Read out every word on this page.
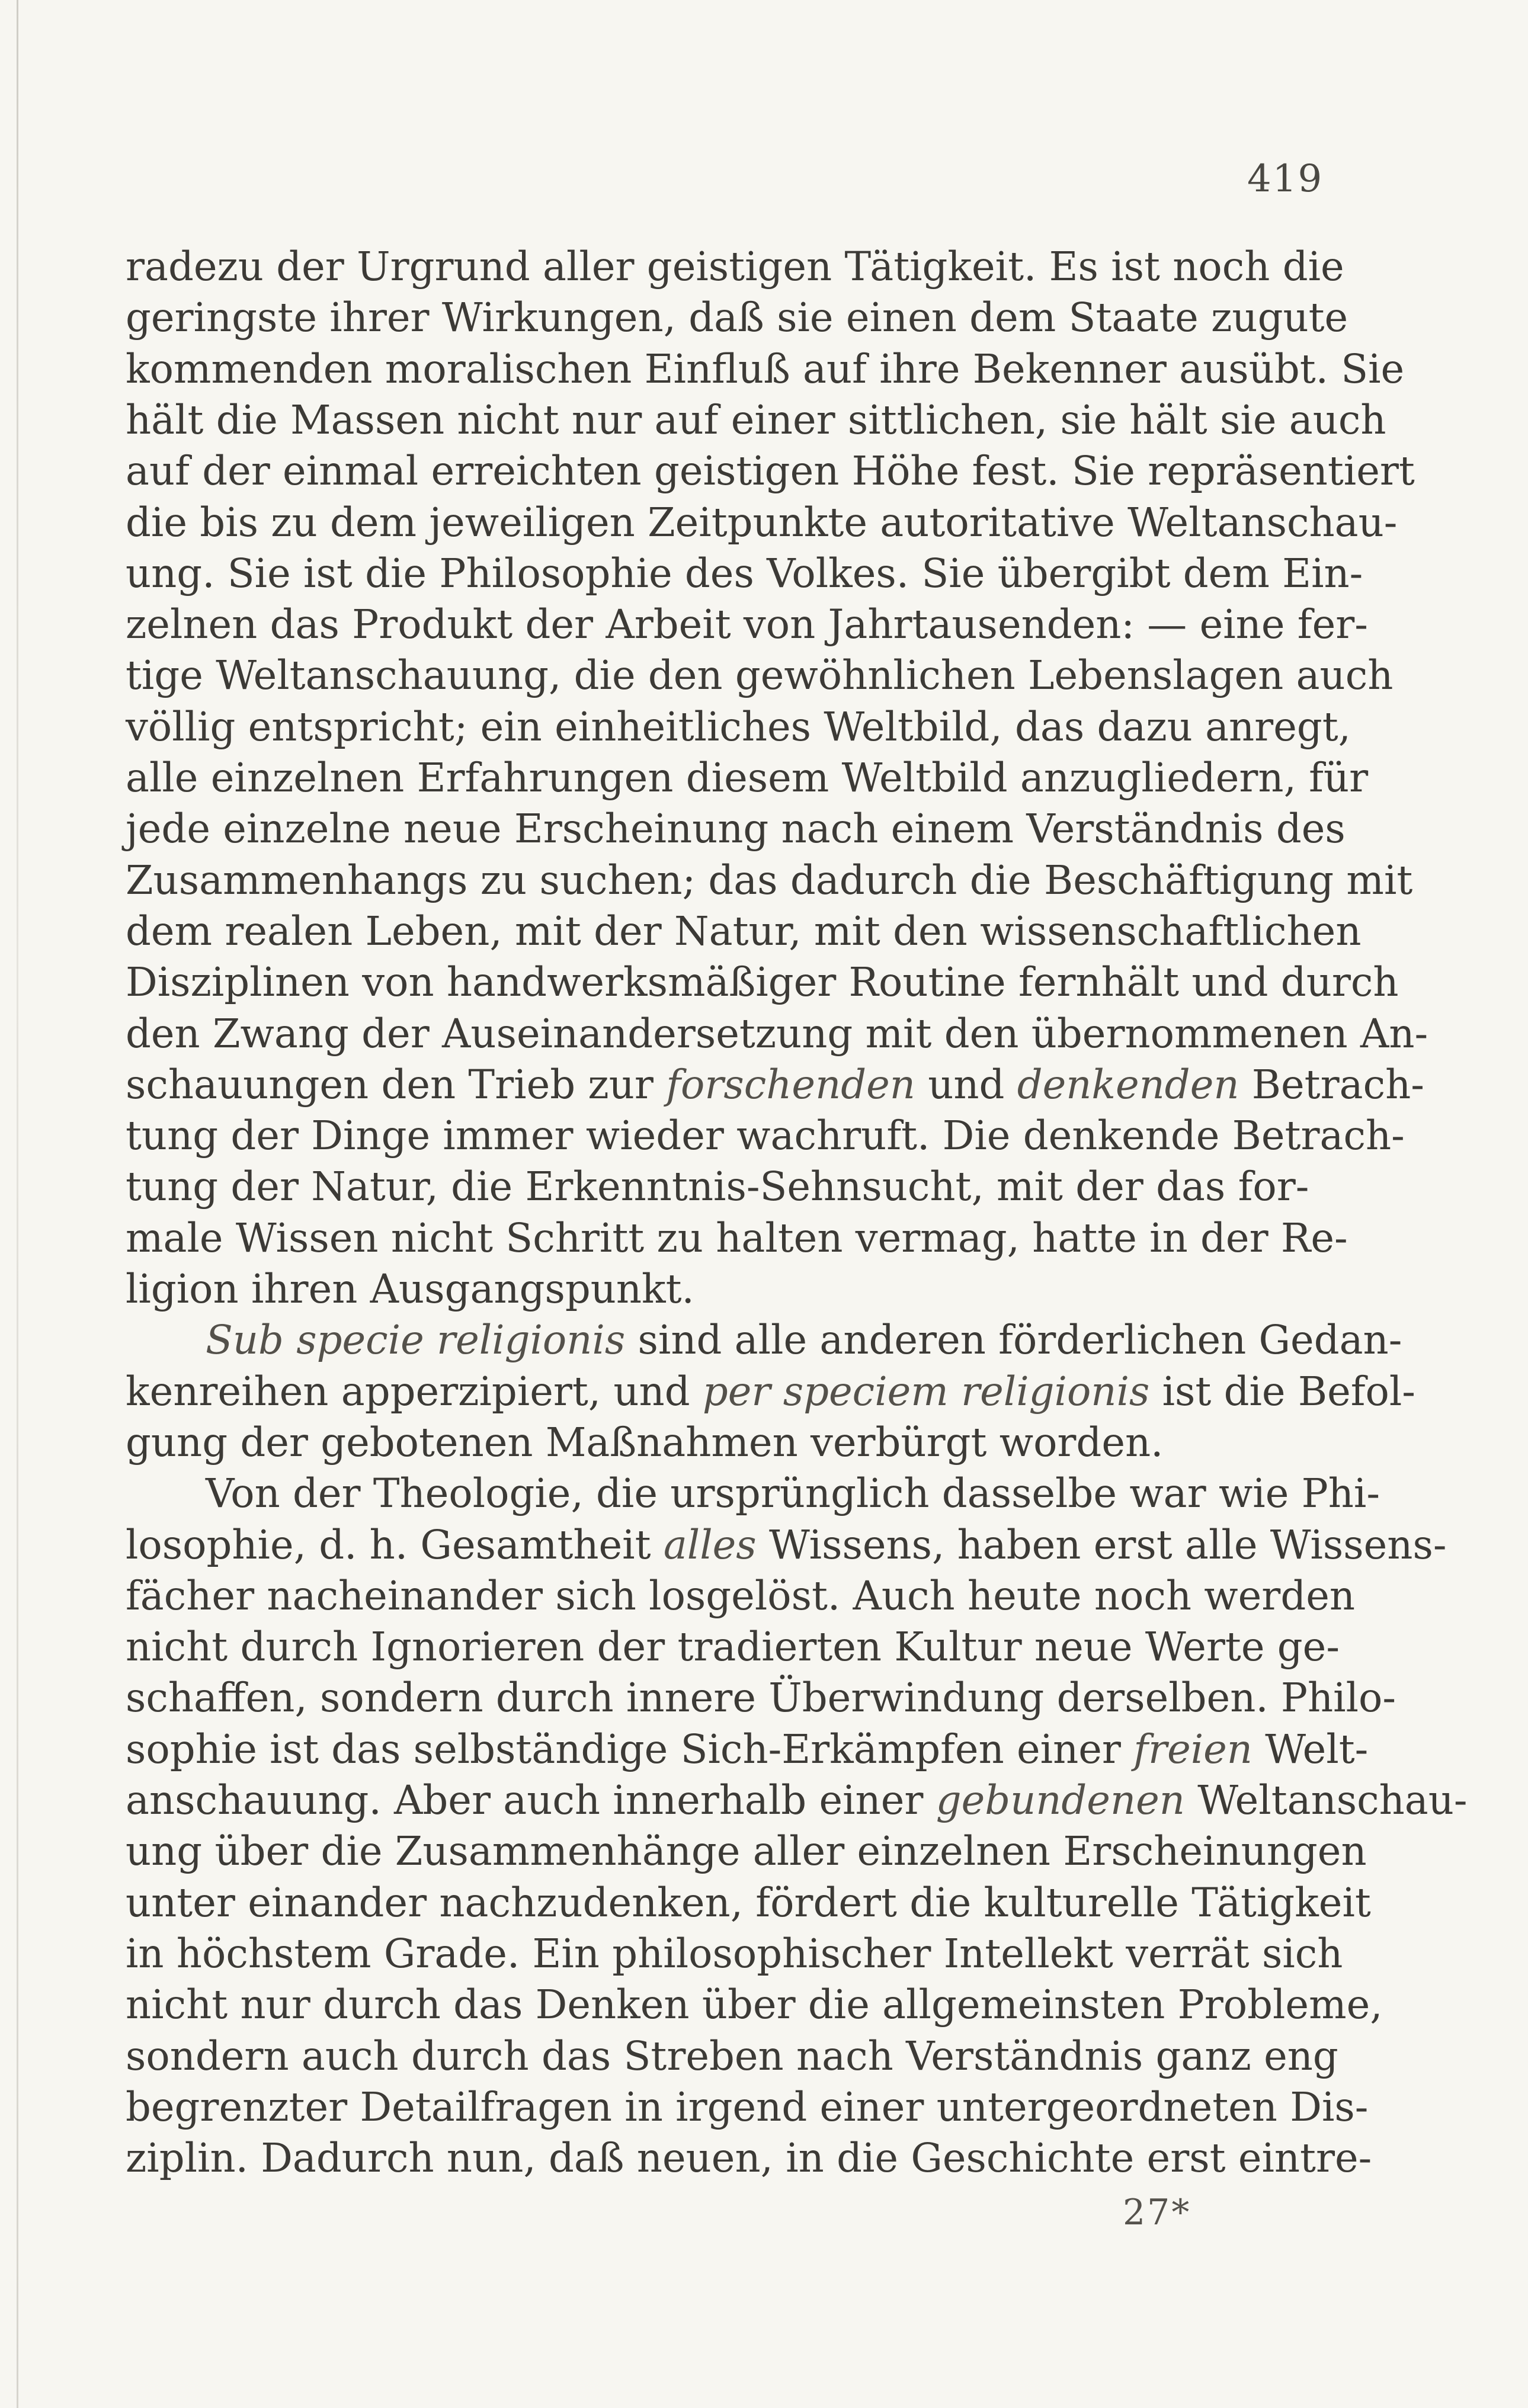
419
radezu der Urgrund aller geistigen Tätigkeit. Es ist noch die
geringste ihrer Wirkungen, daß sie einen dem Staate zugute
kommenden moralischen Einfluß auf ihre Bekenner ausübt. Sie
hält die Massen nicht nur auf einer sittlichen, sie hält sie auch
auf der einmal erreichten geistigen Höhe fest. Sie repräsentiert
die bis zu dem jeweiligen Zeitpunkte autoritative Weltanschau-
ung. Sie ist die Philosophie des Volkes. Sie übergibt dem Ein-
zelnen das Produkt der Arbeit von Jahrtausenden: — eine fer-
tige Weltanschauung, die den gewöhnlichen Lebenslagen auch
völlig entspricht; ein einheitliches Weltbild, das dazu anregt,
alle einzelnen Erfahrungen diesem Weltbild anzugliedern, für
jede einzelne neue Erscheinung nach einem Verständnis des
Zusammenhangs zu suchen; das dadurch die Beschäftigung mit
dem realen Leben, mit der Natur, mit den wissenschaftlichen
Disziplinen von handwerksmäßiger Routine fernhält und durch
den Zwang der Auseinandersetzung mit den übernommenen An-
schauungen den Trieb zur forschenden und denkenden Betrach-
tung der Dinge immer wieder wachruft. Die denkende Betrach-
tung der Natur, die Erkenntnis-Sehnsucht, mit der das for-
male Wissen nicht Schritt zu halten vermag, hatte in der Re-
ligion ihren Ausgangspunkt.
Sub specie religionis sind alle anderen förderlichen Gedan-
kenreihen apperzipiert, und per speciem religionis ist die Befol-
gung der gebotenen Maßnahmen verbürgt worden.
Von der Theologie, die ursprünglich dasselbe war wie Phi-
losophie, d. h. Gesamtheit alles Wissens, haben erst alle Wissens-
fächer nacheinander sich losgelöst. Auch heute noch werden
nicht durch Ignorieren der tradierten Kultur neue Werte ge-
schaffen, sondern durch innere Überwindung derselben. Philo-
sophie ist das selbständige Sich-Erkämpfen einer freien Welt-
anschauung. Aber auch innerhalb einer gebundenen Weltanschau-
ung über die Zusammenhänge aller einzelnen Erscheinungen
unter einander nachzudenken, fördert die kulturelle Tätigkeit
in höchstem Grade. Ein philosophischer Intellekt verrät sich
nicht nur durch das Denken über die allgemeinsten Probleme,
sondern auch durch das Streben nach Verständnis ganz eng
begrenzter Detailfragen in irgend einer untergeordneten Dis-
ziplin. Dadurch nun, daß neuen, in die Geschichte erst eintre-
27*
